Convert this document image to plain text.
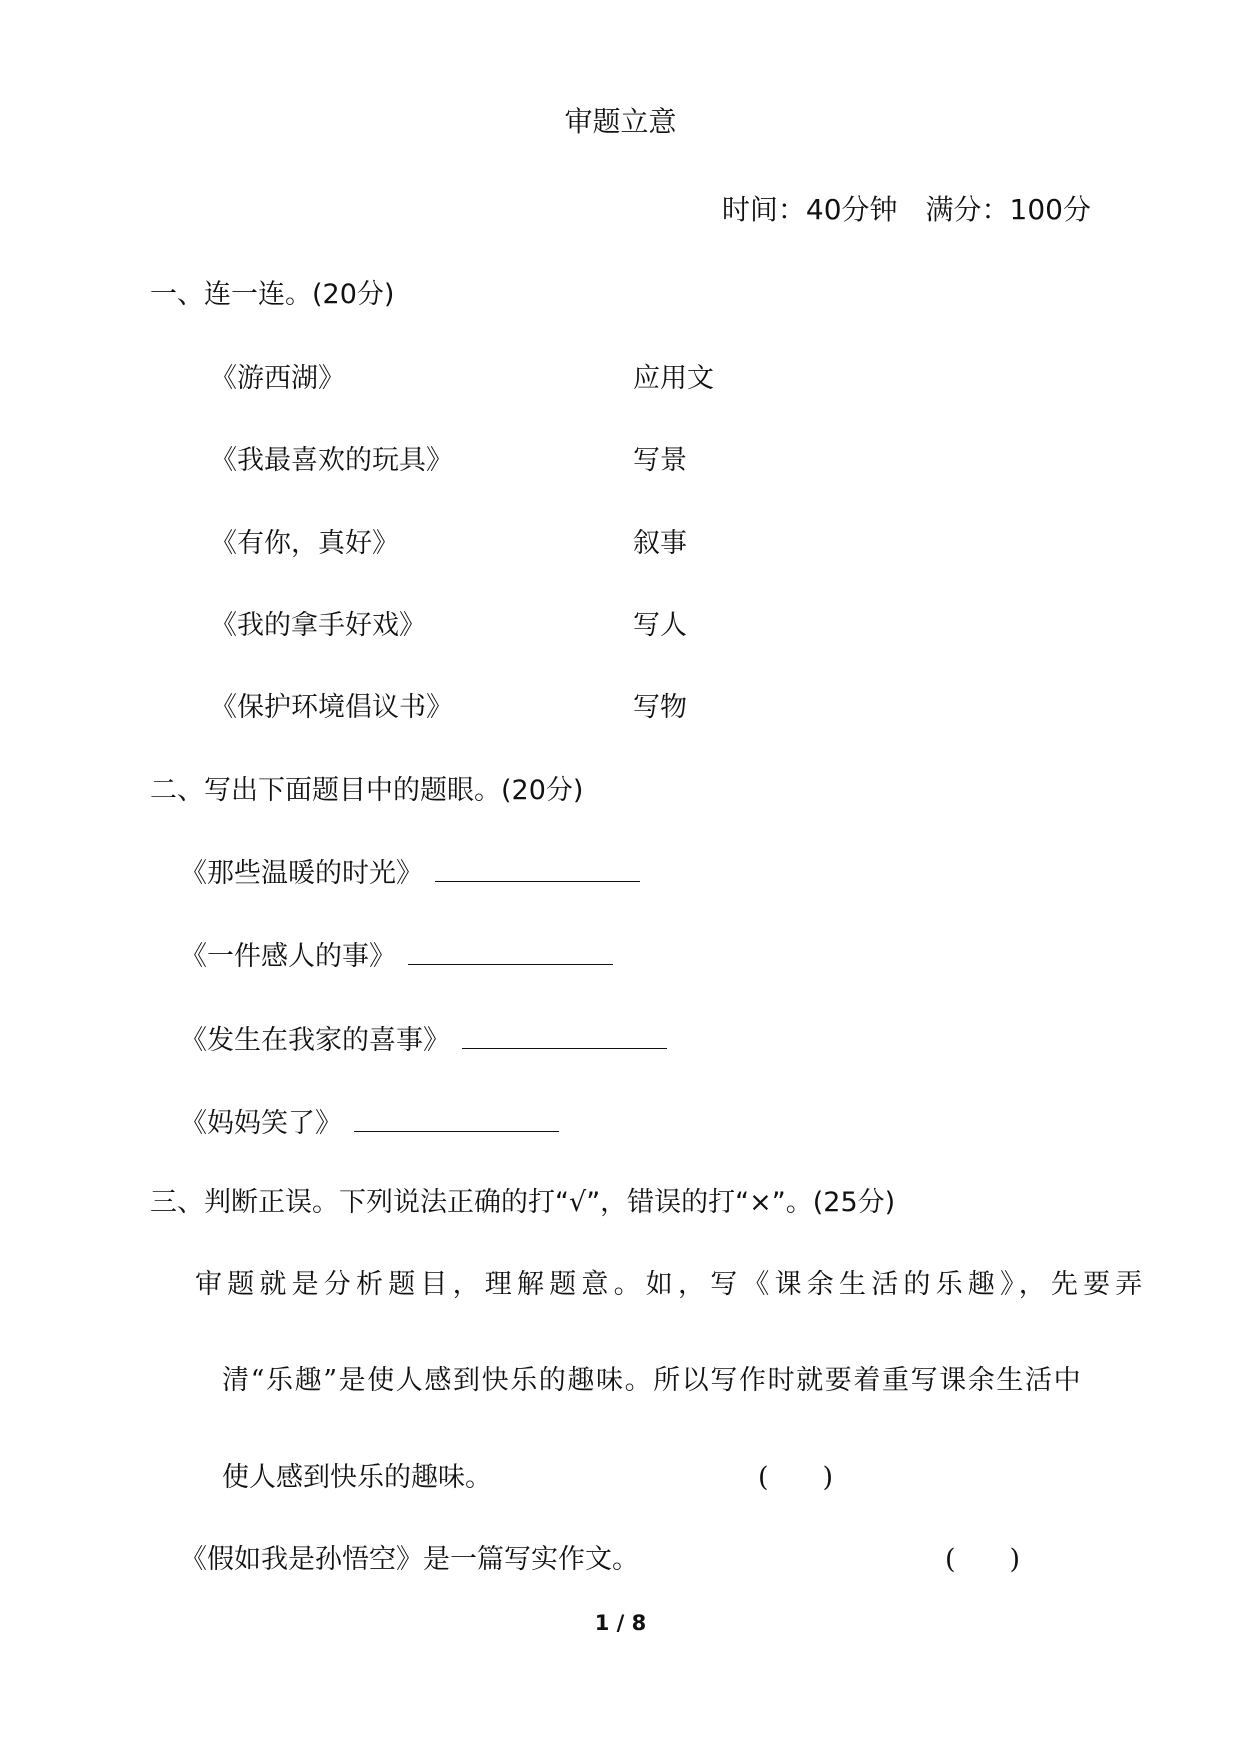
审题立意
时间：40分钟　满分：100分
一、连一连。(20分)
《游西湖》	应用文
《我最喜欢的玩具》	写景
《有你，真好》	叙事
《我的拿手好戏》	写人
《保护环境倡议书》	写物
二、写出下面题目中的题眼。(20分)
《那些温暖的时光》
《一件感人的事》
《发生在我家的喜事》
《妈妈笑了》
三、判断正误。下列说法正确的打“√”，错误的打“×”。(25分)
审题就是分析题目，理解题意。如，写《课余生活的乐趣》，先要弄
清“乐趣”是使人感到快乐的趣味。所以写作时就要着重写课余生活中
使人感到快乐的趣味。	(　　)
《假如我是孙悟空》是一篇写实作文。	(　　)
1 / 8
